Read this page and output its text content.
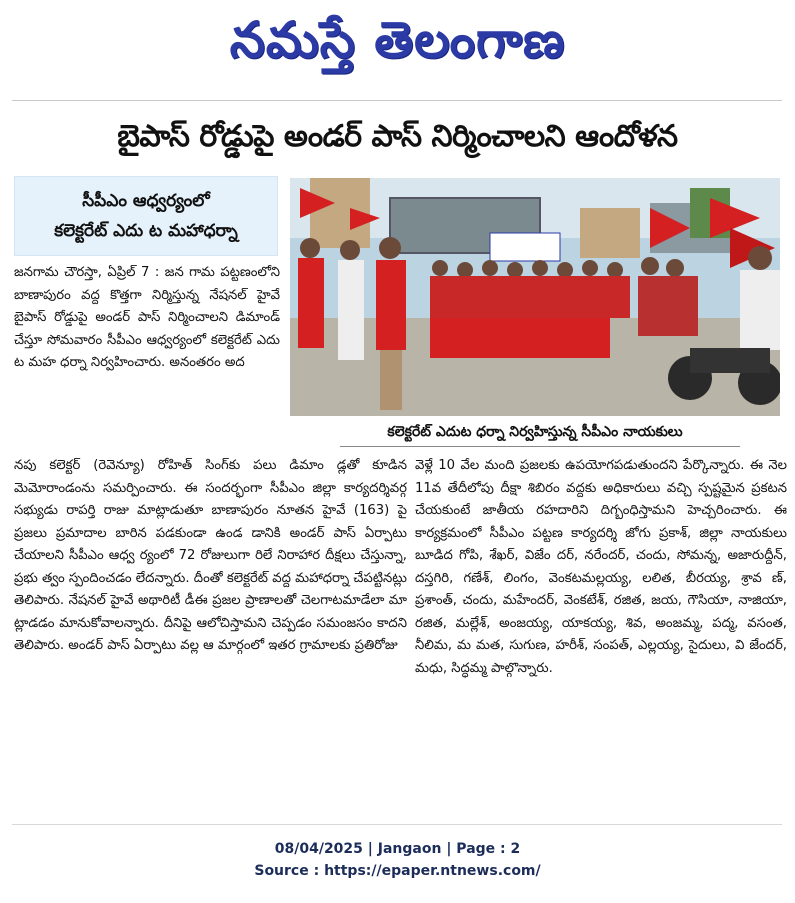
నమస్తే తెలంగాణ
బైపాస్ రోడ్డుపై అండర్ పాస్ నిర్మించాలని ఆందోళన
సీపీఎం ఆధ్వర్యంలో
కలెక్టరేట్ ఎదు ట మహాధర్నా

జనగామ చౌరస్తా, ఏప్రిల్ 7 : జన గామ పట్టణంలోని బాణాపురం వద్ద కొత్తగా నిర్మిస్తున్న నేషనల్ హైవే బైపాస్ రోడ్డుపై అండర్ పాస్ నిర్మించాలని డిమాండ్ చేస్తూ సోమవారం సీపీఎం ఆధ్వర్యంలో కలెక్టరేట్ ఎదు ట మహ ధర్నా నిర్వహించారు. అనంతరం అద

కలెక్టరేట్ ఎదుట ధర్నా నిర్వహిస్తున్న సీపీఎం నాయకులు

నపు కలెక్టర్ (రెవెన్యూ) రోహిత్ సింగ్‌కు పలు డిమాం డ్లతో కూడిన మెమోరాండంను సమర్పించారు. ఈ సందర్భంగా సీపీఎం జిల్లా కార్యదర్శివర్గ సభ్యుడు రాపర్తి రాజు మాట్లాడుతూ బాణాపురం నూతన హైవే (163) పై ప్రజలు ప్రమాదాల బారిన పడకుండా ఉండ డానికి అండర్ పాస్ ఏర్పాటు చేయాలని సీపీఎం ఆధ్వ ర్యంలో 72 రోజులుగా రిలే నిరాహార దీక్షలు చేస్తున్నా, ప్రభు త్వం స్పందించడం లేదన్నారు. దీంతో కలెక్టరేట్ వద్ద మహాధర్నా చేపట్టినట్లు తెలిపారు. నేషనల్ హైవే అథారిటీ డీఈ ప్రజల ప్రాణాలతో చెలగాటమాడేలా మా ట్లాడడం మానుకోవాలన్నారు. దీనిపై ఆలోచిస్తామని చెప్పడం సమంజసం కాదని తెలిపారు. అండర్ పాస్ ఏర్పాటు వల్ల ఆ మార్గంలో ఇతర గ్రామాలకు ప్రతిరోజు

వెళ్లే 10 వేల మంది ప్రజలకు ఉపయోగపడుతుందని పేర్కొన్నారు. ఈ నెల 11వ తేదీలోపు దీక్షా శిబిరం వద్దకు అధికారులు వచ్చి స్పష్టమైన ప్రకటన చేయకుంటే జాతీయ రహదారిని దిగ్బంధిస్తామని హెచ్చరించారు. ఈ కార్యక్రమంలో సీపీఎం పట్టణ కార్యదర్శి జోగు ప్రకాశ్, జిల్లా నాయకులు బూడిద గోపి, శేఖర్, విజేం దర్, నరేందర్, చందు, సోమన్న, అజారుద్దీన్, దస్తగిరి, గణేశ్, లింగం, వెంకటమల్లయ్య, లలిత, బీరయ్య, శ్రావ ణ్, ప్రశాంత్, చందు, మహేందర్, వెంకటేశ్, రజిత, జయ, గౌసియా, నాజియా, రజిత, మల్లేశ్, అంజయ్య, యాకయ్య, శివ, అంజమ్మ, పద్మ, వసంత, నీలిమ, మ మత, సుగుణ, హరీశ్, సంపత్, ఎల్లయ్య, సైదులు, వి జేందర్, మధు, సిద్ధమ్మ పాల్గొన్నారు.

08/04/2025 | Jangaon | Page : 2
Source : https://epaper.ntnews.com/
